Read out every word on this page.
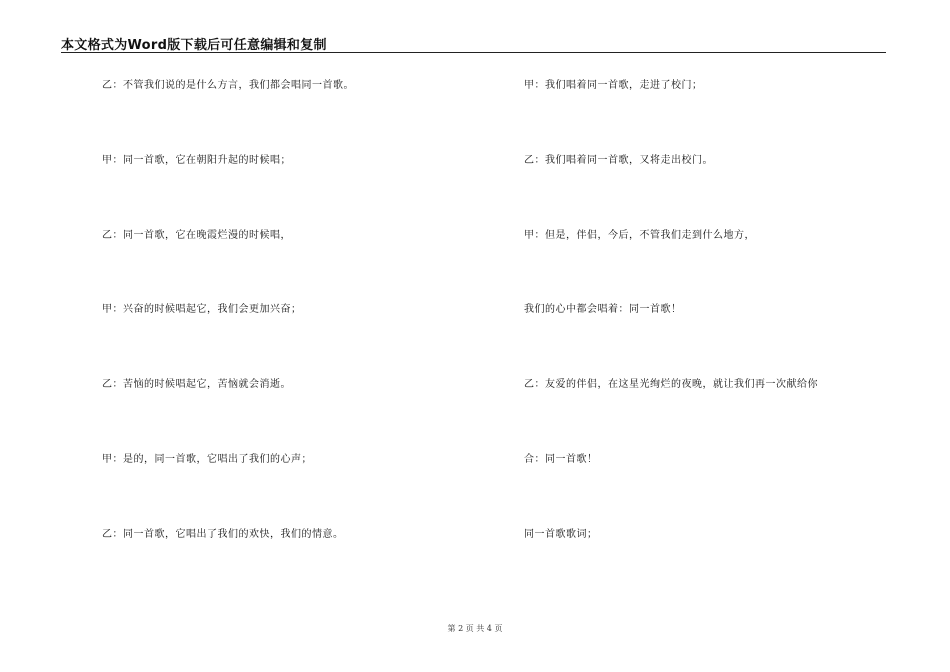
本文格式为Word版下载后可任意编辑和复制
乙：不管我们说的是什么方言，我们都会唱同一首歌。
甲：同一首歌，它在朝阳升起的时候唱；
乙：同一首歌，它在晚霞烂漫的时候唱，
甲：兴奋的时候唱起它，我们会更加兴奋；
乙：苦恼的时候唱起它，苦恼就会消逝。
甲：是的，同一首歌，它唱出了我们的心声；
乙：同一首歌，它唱出了我们的欢快，我们的情意。
甲：我们唱着同一首歌，走进了校门；
乙：我们唱着同一首歌，又将走出校门。
甲：但是，伴侣，今后，不管我们走到什么地方，
我们的心中都会唱着：同一首歌！
乙：友爱的伴侣，在这星光绚烂的夜晚，就让我们再一次献给你
合：同一首歌！
同一首歌歌词；
第 2 页 共 4 页
